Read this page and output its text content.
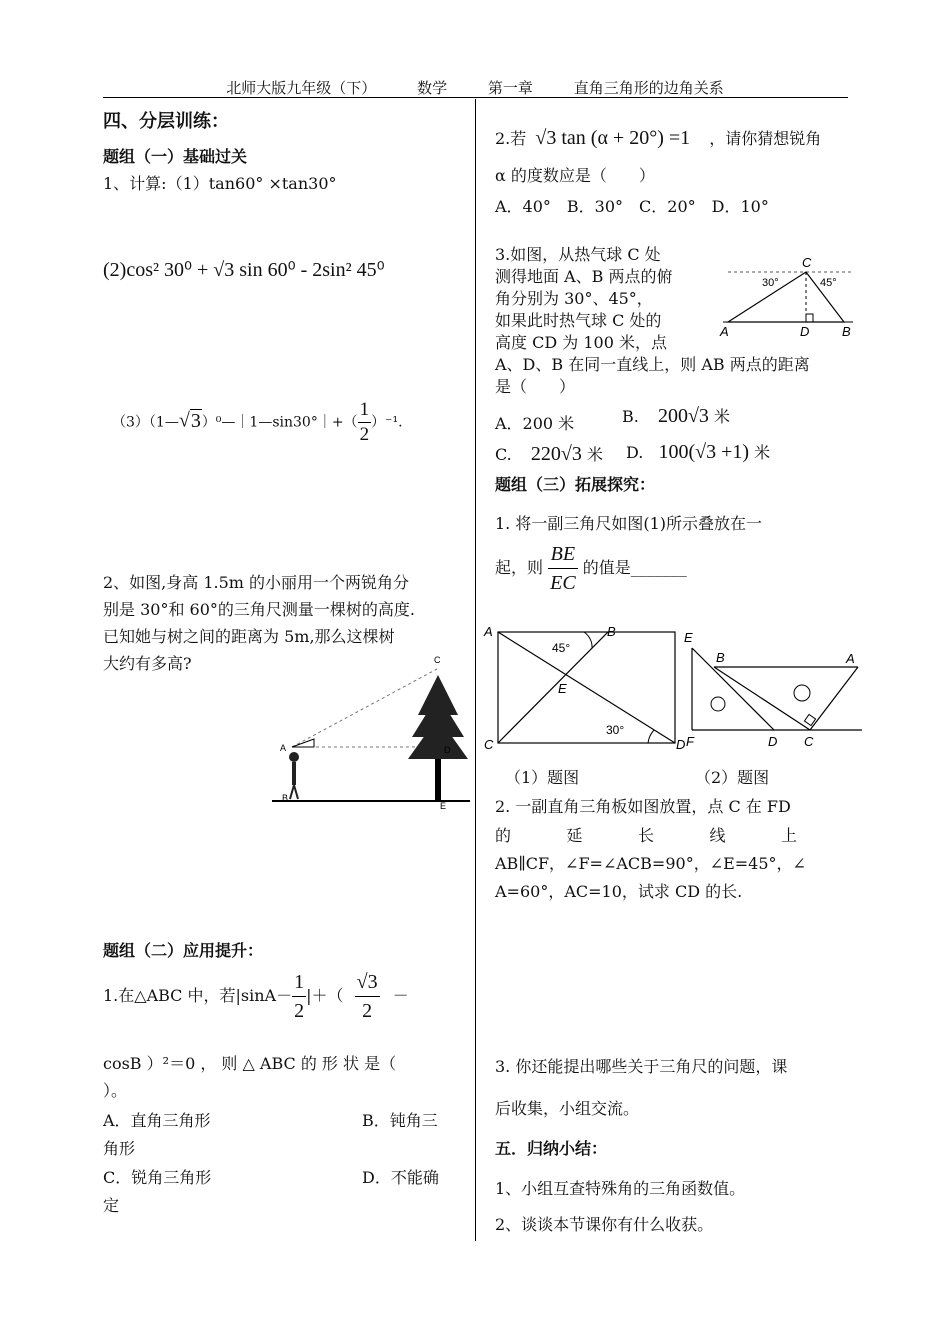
北师大版九年级（下）	数学	第一章	直角三角形的边角关系
四、分层训练：
题组（一）基础过关
1、计算:（1）tan60° ×tan30°
(2)cos² 30⁰ + √3 sin 60⁰ - 2sin² 45⁰
（3）（1—√3）⁰—｜1—sin30°｜+（ $\frac{1}{2} )^{-1}$.
2、如图,身高 1.5m 的小丽用一个两锐角分
别是 30°和 60°的三角尺测量一棵树的高度.
已知她与树之间的距离为 5m,那么这棵树
大约有多高?	C
A	D
B
E
题组（二）应用提升：
1.在△ABC 中，若$|\sin A- \frac{1}{2}$ |＋（ $\frac{√3}{2}$ －
cosB ）²＝0 ， 则 △ ABC 的 形 状 是（
）。
A．直角三角形	B．钝角三
角形
C．锐角三角形	D．不能确
定
2.若 √3 tan (α + 20°) =1 ，请你猜想锐角
α 的度数应是（　　）
A．40°　B．30°　C．20°　D．10°
3.如图，从热气球 C 处
测得地面 A、B 两点的俯
角分别为 30°、45°，
如果此时热气球 C 处的
高度 CD 为 100 米，点
C
A	D	B
30°	45°
A、D、B 在同一直线上，则 AB 两点的距离
是（　　）
A．200 米	B. 200√3 米
C. 220√3 米 D. 100(√3 +1) 米
题组（三）拓展探究：
1. 将一副三角尺如图(1)所示叠放在一
起，则 $\frac{BE}{EC}$ 的值是_______
A	B
C	D
E
45°
30°
E
B	A
F	D C
（1）题图	（2）题图
2. 一副直角三角板如图放置，点 C 在 FD
的	延	长	线	上
AB∥CF，∠F=∠ACB=90°，∠E=45°，∠
A=60°，AC=10，试求 CD 的长.
3. 你还能提出哪些关于三角尺的问题，课
后收集，小组交流。
五．归纳小结：
1、小组互查特殊角的三角函数值。
2、谈谈本节课你有什么收获。
